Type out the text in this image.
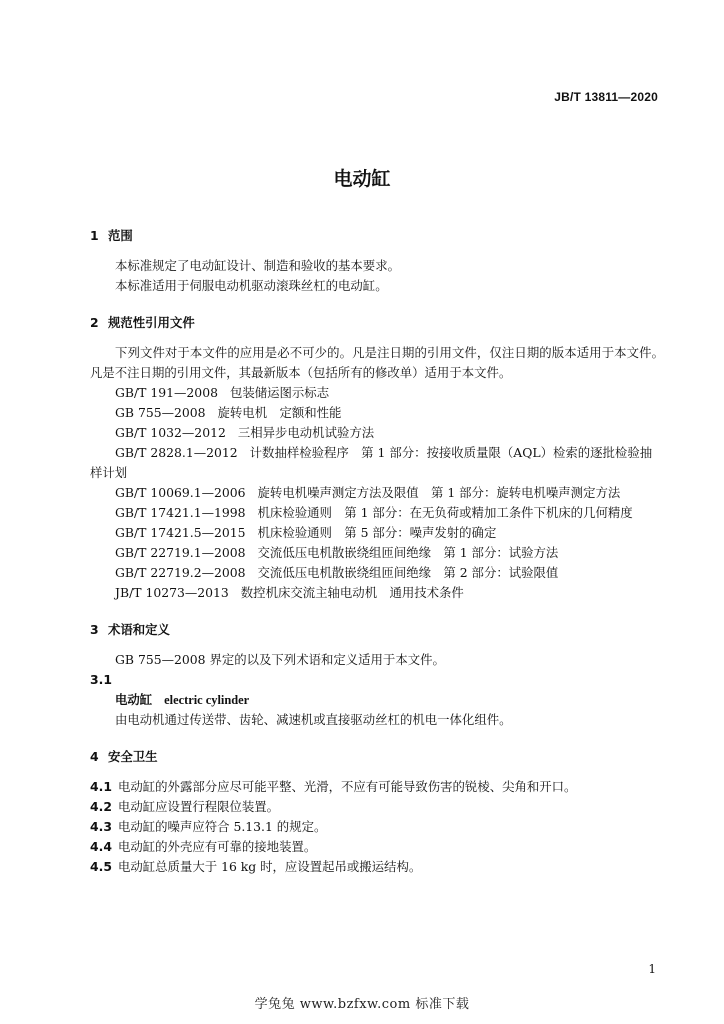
JB/T 13811—2020
电动缸
1 范围

本标准规定了电动缸设计、制造和验收的基本要求。

本标准适用于伺服电动机驱动滚珠丝杠的电动缸。

2 规范性引用文件

下列文件对于本文件的应用是必不可少的。凡是注日期的引用文件，仅注日期的版本适用于本文件。凡是不注日期的引用文件，其最新版本（包括所有的修改单）适用于本文件。

GB/T 191—2008 包装储运图示标志
GB 755—2008 旋转电机　定额和性能
GB/T 1032—2012 三相异步电动机试验方法
GB/T 2828.1—2012 计数抽样检验程序　第 1 部分：按接收质量限（AQL）检索的逐批检验抽样计划
GB/T 10069.1—2006 旋转电机噪声测定方法及限值　第 1 部分：旋转电机噪声测定方法
GB/T 17421.1—1998 机床检验通则　第 1 部分：在无负荷或精加工条件下机床的几何精度
GB/T 17421.5—2015 机床检验通则　第 5 部分：噪声发射的确定
GB/T 22719.1—2008 交流低压电机散嵌绕组匝间绝缘　第 1 部分：试验方法
GB/T 22719.2—2008 交流低压电机散嵌绕组匝间绝缘　第 2 部分：试验限值
JB/T 10273—2013 数控机床交流主轴电动机　通用技术条件
3 术语和定义

GB 755—2008 界定的以及下列术语和定义适用于本文件。

3.1
电动缸 electric cylinder
由电动机通过传送带、齿轮、减速机或直接驱动丝杠的机电一体化组件。
4 安全卫生
4.1 电动缸的外露部分应尽可能平整、光滑，不应有可能导致伤害的锐棱、尖角和开口。
4.2 电动缸应设置行程限位装置。
4.3 电动缸的噪声应符合 5.13.1 的规定。
4.4 电动缸的外壳应有可靠的接地装置。
4.5 电动缸总质量大于 16 kg 时，应设置起吊或搬运结构。
1
学兔兔 www.bzfxw.com 标准下载
